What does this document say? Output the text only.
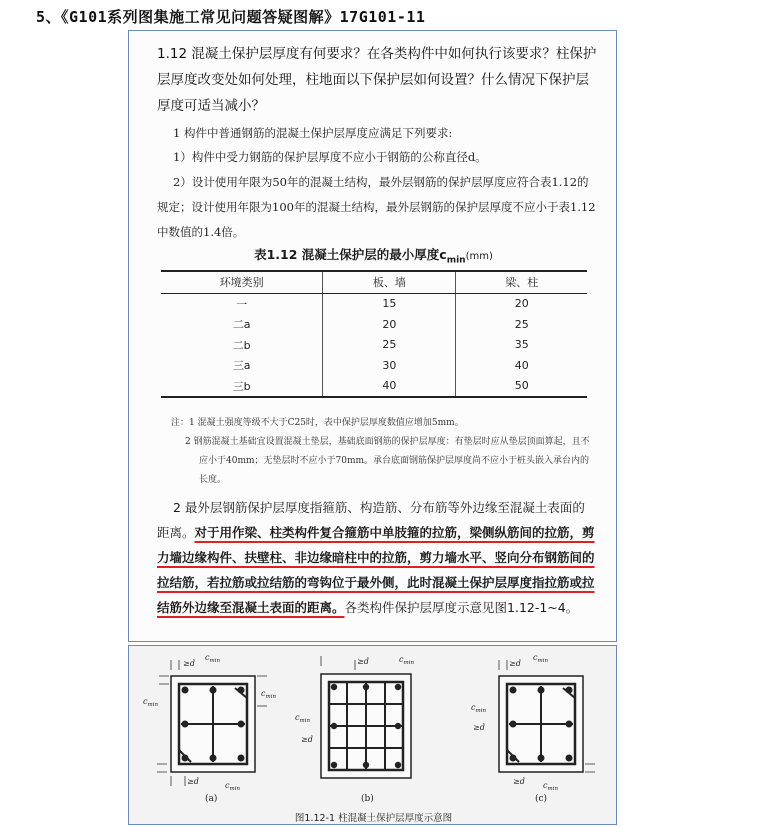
5、《G101系列图集施工常见问题答疑图解》17G101-11
1.12 混凝土保护层厚度有何要求？在各类构件中如何执行该要求？柱保护层厚度改变处如何处理，柱地面以下保护层如何设置？什么情况下保护层厚度可适当减小？
1 构件中普通钢筋的混凝土保护层厚度应满足下列要求:
1）构件中受力钢筋的保护层厚度不应小于钢筋的公称直径d。
2）设计使用年限为50年的混凝土结构，最外层钢筋的保护层厚度应符合表1.12的规定；设计使用年限为100年的混凝土结构，最外层钢筋的保护层厚度不应小于表1.12中数值的1.4倍。
表1.12 混凝土保护层的最小厚度$c_{min}(mm)$
环境类别	板、墙	梁、柱
一	15	20
二a	20	25
二b	25	35
三a	30	40
三b	40	50
注：1 混凝土强度等级不大于C25时，表中保护层厚度数值应增加5mm。
2 钢筋混凝土基础宜设置混凝土垫层，基础底面钢筋的保护层厚度：有垫层时应从垫层顶面算起，且不应小于40mm；无垫层时不应小于70mm。承台底面钢筋保护层厚度尚不应小于桩头嵌入承台内的长度。
2 最外层钢筋保护层厚度指箍筋、构造筋、分布筋等外边缘至混凝土表面的距离。对于用作梁、柱类构件复合箍筋中单肢箍的拉筋，梁侧纵筋间的拉筋，剪力墙边缘构件、扶壁柱、非边缘暗柱中的拉筋，剪力墙水平、竖向分布钢筋间的拉结筋，若拉筋或拉结筋的弯钩位于最外侧，此时混凝土保护层厚度指拉筋或拉结筋外边缘至混凝土表面的距离。各类构件保护层厚度示意见图1.12-1~4。
≥d
$c_{min}$
$c_{min}$
≥d	$c_{min}$
$c_{min}$
≥d	$c_{min}$
$c_{min}$
≥d
≥d
$c_{min}$
$c_{min}$
≥d
$c_{min}$
≥d
(a)	(b)	(c)
图1.12-1 柱混凝土保护层厚度示意图
